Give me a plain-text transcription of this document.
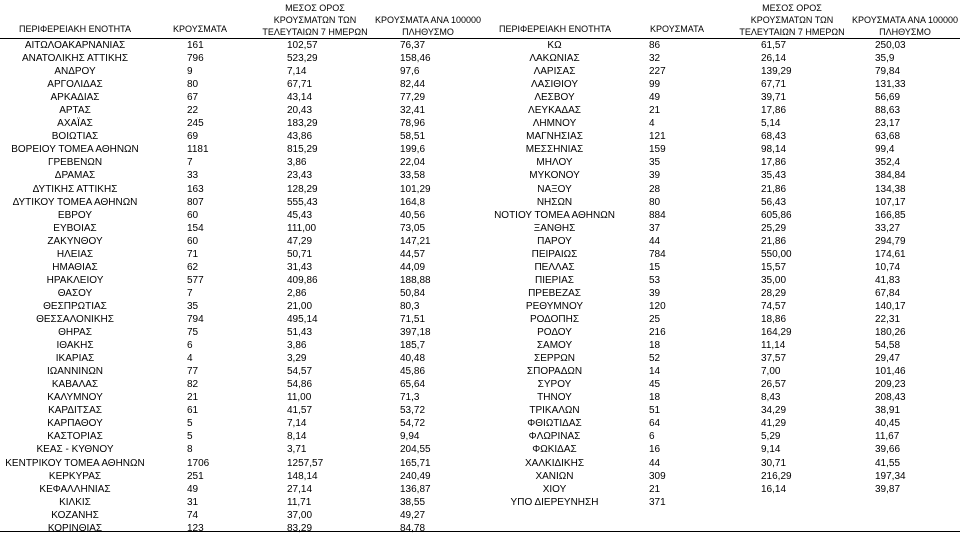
ΠΕΡΙΦΕΡΕΙΑΚΗ ΕΝΟΤΗΤΑ	ΚΡΟΥΣΜΑΤΑ
ΜΕΣΟΣ ΟΡΟΣ
ΚΡΟΥΣΜΑΤΩΝ ΤΩΝ
ΤΕΛΕΥΤΑΙΩΝ 7 ΗΜΕΡΩΝ
ΚΡΟΥΣΜΑΤΑ ΑΝΑ 100000
ΠΛΗΘΥΣΜΟ
ΑΙΤΩΛΟΑΚΑΡΝΑΝΙΑΣ	161	102,57	76,37
ΑΝΑΤΟΛΙΚΗΣ ΑΤΤΙΚΗΣ	796	523,29	158,46
ΑΝΔΡΟΥ	9	7,14	97,6
ΑΡΓΟΛΙΔΑΣ	80	67,71	82,44
ΑΡΚΑΔΙΑΣ	67	43,14	77,29
ΑΡΤΑΣ	22	20,43	32,41
ΑΧΑΪΑΣ	245	183,29	78,96
ΒΟΙΩΤΙΑΣ	69	43,86	58,51
ΒΟΡΕΙΟΥ ΤΟΜΕΑ ΑΘΗΝΩΝ	1181	815,29	199,6
ΓΡΕΒΕΝΩΝ	7	3,86	22,04
ΔΡΑΜΑΣ	33	23,43	33,58
ΔΥΤΙΚΗΣ ΑΤΤΙΚΗΣ	163	128,29	101,29
ΔΥΤΙΚΟΥ ΤΟΜΕΑ ΑΘΗΝΩΝ	807	555,43	164,8
ΕΒΡΟΥ	60	45,43	40,56
ΕΥΒΟΙΑΣ	154	111,00	73,05
ΖΑΚΥΝΘΟΥ	60	47,29	147,21
ΗΛΕΙΑΣ	71	50,71	44,57
ΗΜΑΘΙΑΣ	62	31,43	44,09
ΗΡΑΚΛΕΙΟΥ	577	409,86	188,88
ΘΑΣΟΥ	7	2,86	50,84
ΘΕΣΠΡΩΤΙΑΣ	35	21,00	80,3
ΘΕΣΣΑΛΟΝΙΚΗΣ	794	495,14	71,51
ΘΗΡΑΣ	75	51,43	397,18
ΙΘΑΚΗΣ	6	3,86	185,7
ΙΚΑΡΙΑΣ	4	3,29	40,48
ΙΩΑΝΝΙΝΩΝ	77	54,57	45,86
ΚΑΒΑΛΑΣ	82	54,86	65,64
ΚΑΛΥΜΝΟΥ	21	11,00	71,3
ΚΑΡΔΙΤΣΑΣ	61	41,57	53,72
ΚΑΡΠΑΘΟΥ	5	7,14	54,72
ΚΑΣΤΟΡΙΑΣ	5	8,14	9,94
ΚΕΑΣ - ΚΥΘΝΟΥ	8	3,71	204,55
ΚΕΝΤΡΙΚΟΥ ΤΟΜΕΑ ΑΘΗΝΩΝ	1706	1257,57	165,71
ΚΕΡΚΥΡΑΣ	251	148,14	240,49
ΚΕΦΑΛΛΗΝΙΑΣ	49	27,14	136,87
ΚΙΛΚΙΣ	31	11,71	38,55
ΚΟΖΑΝΗΣ	74	37,00	49,27
ΚΟΡΙΝΘΙΑΣ	123	83,29	84,78
ΠΕΡΙΦΕΡΕΙΑΚΗ ΕΝΟΤΗΤΑ	ΚΡΟΥΣΜΑΤΑ
ΜΕΣΟΣ ΟΡΟΣ
ΚΡΟΥΣΜΑΤΩΝ ΤΩΝ
ΤΕΛΕΥΤΑΙΩΝ 7 ΗΜΕΡΩΝ
ΚΡΟΥΣΜΑΤΑ ΑΝΑ 100000
ΠΛΗΘΥΣΜΟ
ΚΩ	86	61,57	250,03
ΛΑΚΩΝΙΑΣ	32	26,14	35,9
ΛΑΡΙΣΑΣ	227	139,29	79,84
ΛΑΣΙΘΙΟΥ	99	67,71	131,33
ΛΕΣΒΟΥ	49	39,71	56,69
ΛΕΥΚΑΔΑΣ	21	17,86	88,63
ΛΗΜΝΟΥ	4	5,14	23,17
ΜΑΓΝΗΣΙΑΣ	121	68,43	63,68
ΜΕΣΣΗΝΙΑΣ	159	98,14	99,4
ΜΗΛΟΥ	35	17,86	352,4
ΜΥΚΟΝΟΥ	39	35,43	384,84
ΝΑΞΟΥ	28	21,86	134,38
ΝΗΣΩΝ	80	56,43	107,17
ΝΟΤΙΟΥ ΤΟΜΕΑ ΑΘΗΝΩΝ	884	605,86	166,85
ΞΑΝΘΗΣ	37	25,29	33,27
ΠΑΡΟΥ	44	21,86	294,79
ΠΕΙΡΑΙΩΣ	784	550,00	174,61
ΠΕΛΛΑΣ	15	15,57	10,74
ΠΙΕΡΙΑΣ	53	35,00	41,83
ΠΡΕΒΕΖΑΣ	39	28,29	67,84
ΡΕΘΥΜΝΟΥ	120	74,57	140,17
ΡΟΔΟΠΗΣ	25	18,86	22,31
ΡΟΔΟΥ	216	164,29	180,26
ΣΑΜΟΥ	18	11,14	54,58
ΣΕΡΡΩΝ	52	37,57	29,47
ΣΠΟΡΑΔΩΝ	14	7,00	101,46
ΣΥΡΟΥ	45	26,57	209,23
ΤΗΝΟΥ	18	8,43	208,43
ΤΡΙΚΑΛΩΝ	51	34,29	38,91
ΦΘΙΩΤΙΔΑΣ	64	41,29	40,45
ΦΛΩΡΙΝΑΣ	6	5,29	11,67
ΦΩΚΙΔΑΣ	16	9,14	39,66
ΧΑΛΚΙΔΙΚΗΣ	44	30,71	41,55
ΧΑΝΙΩΝ	309	216,29	197,34
ΧΙΟΥ	21	16,14	39,87
ΥΠΟ ΔΙΕΡΕΥΝΗΣΗ	371
